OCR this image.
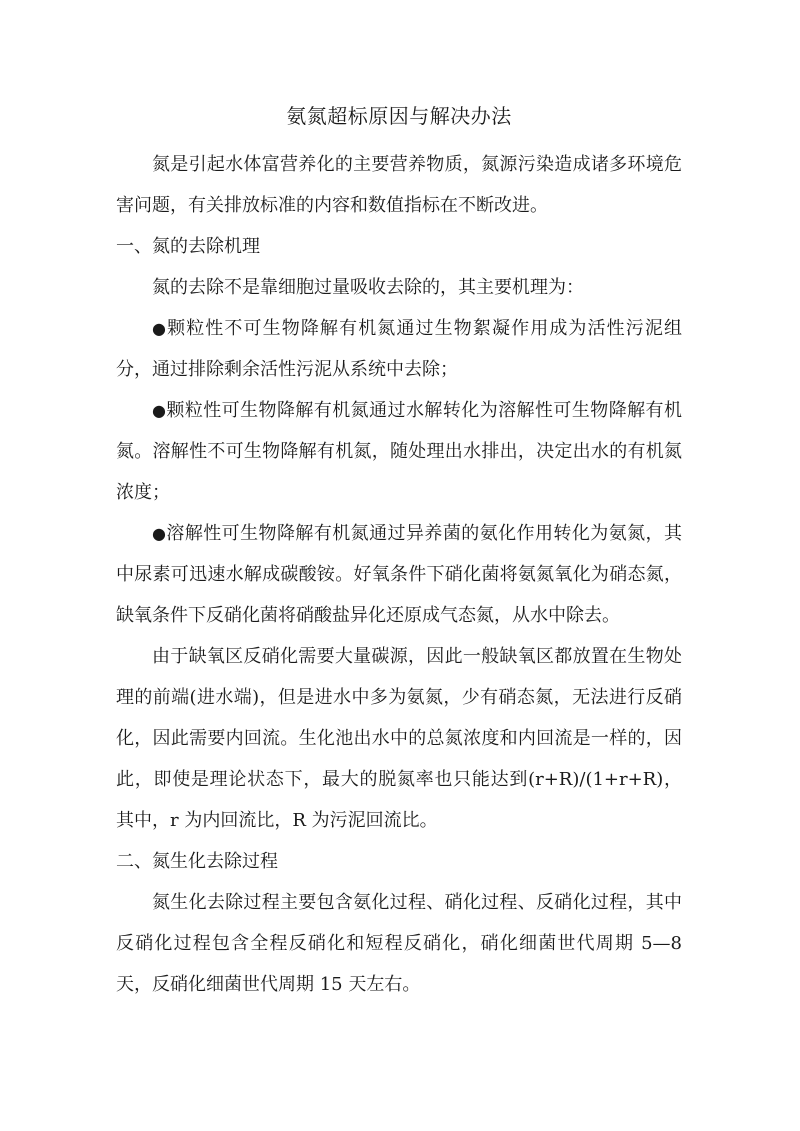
氨氮超标原因与解决办法

氮是引起水体富营养化的主要营养物质，氮源污染造成诸多环境危害问题，有关排放标准的内容和数值指标在不断改进。

一、氮的去除机理

氮的去除不是靠细胞过量吸收去除的，其主要机理为：

●颗粒性不可生物降解有机氮通过生物絮凝作用成为活性污泥组分，通过排除剩余活性污泥从系统中去除；

●颗粒性可生物降解有机氮通过水解转化为溶解性可生物降解有机氮。溶解性不可生物降解有机氮，随处理出水排出，决定出水的有机氮浓度；

●溶解性可生物降解有机氮通过异养菌的氨化作用转化为氨氮，其中尿素可迅速水解成碳酸铵。好氧条件下硝化菌将氨氮氧化为硝态氮，缺氧条件下反硝化菌将硝酸盐异化还原成气态氮，从水中除去。

由于缺氧区反硝化需要大量碳源，因此一般缺氧区都放置在生物处理的前端(进水端)，但是进水中多为氨氮，少有硝态氮，无法进行反硝化，因此需要内回流。生化池出水中的总氮浓度和内回流是一样的，因此，即使是理论状态下，最大的脱氮率也只能达到(r+R)/(1+r+R)，其中，r 为内回流比，R 为污泥回流比。

二、氮生化去除过程

氮生化去除过程主要包含氨化过程、硝化过程、反硝化过程，其中反硝化过程包含全程反硝化和短程反硝化，硝化细菌世代周期 5—8 天，反硝化细菌世代周期 15 天左右。
